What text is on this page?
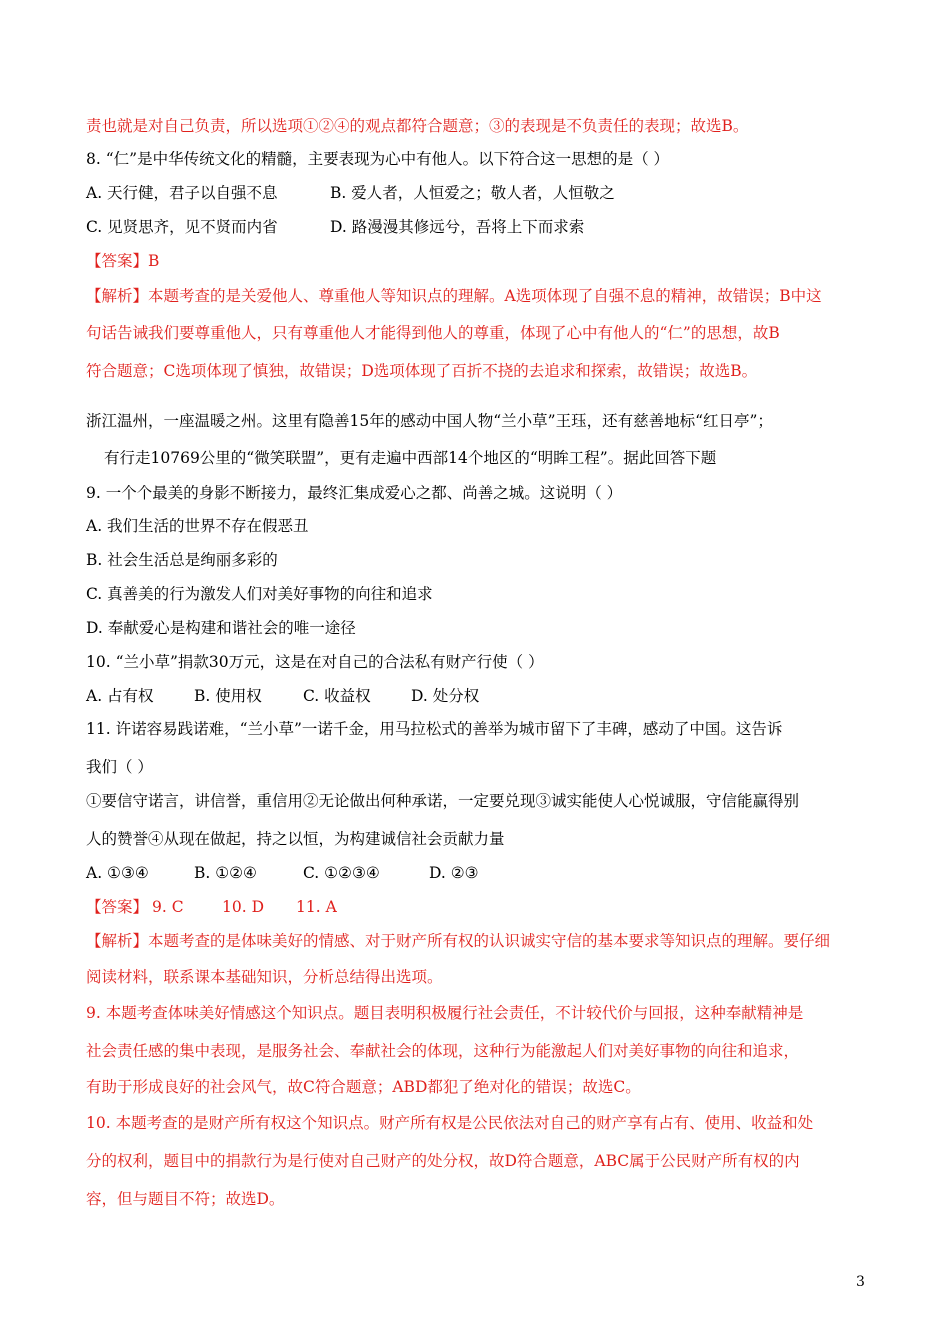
责也就是对自己负责，所以选项①②④的观点都符合题意；③的表现是不负责任的表现；故选B。
8. “仁”是中华传统文化的精髓，主要表现为心中有他人。以下符合这一思想的是（ ）
A. 天行健，君子以自强不息	B. 爱人者，人恒爱之；敬人者，人恒敬之
C. 见贤思齐，见不贤而内省	D. 路漫漫其修远兮，吾将上下而求索
【答案】B
【解析】本题考查的是关爱他人、尊重他人等知识点的理解。A选项体现了自强不息的精神，故错误；B中这
句话告诫我们要尊重他人，只有尊重他人才能得到他人的尊重，体现了心中有他人的“仁”的思想，故B
符合题意；C选项体现了慎独，故错误；D选项体现了百折不挠的去追求和探索，故错误；故选B。
浙江温州，一座温暖之州。这里有隐善15年的感动中国人物“兰小草”王珏，还有慈善地标“红日亭”；
有行走10769公里的“微笑联盟”，更有走遍中西部14个地区的“明眸工程”。据此回答下题
9. 一个个最美的身影不断接力，最终汇集成爱心之都、尚善之城。这说明（ ）
A. 我们生活的世界不存在假恶丑
B. 社会生活总是绚丽多彩的
C. 真善美的行为激发人们对美好事物的向往和追求
D. 奉献爱心是构建和谐社会的唯一途径
10. “兰小草”捐款30万元，这是在对自己的合法私有财产行使（ ）
A. 占有权	B. 使用权	C. 收益权	D. 处分权
11. 许诺容易践诺难，“兰小草”一诺千金，用马拉松式的善举为城市留下了丰碑，感动了中国。这告诉
我们（ ）
①要信守诺言，讲信誉，重信用②无论做出何种承诺，一定要兑现③诚实能使人心悦诚服，守信能赢得别
人的赞誉④从现在做起，持之以恒，为构建诚信社会贡献力量
A. ①③④	B. ①②④	C. ①②③④	D. ②③
【答案】 9. C 10. D 11. A
【解析】本题考查的是体味美好的情感、对于财产所有权的认识诚实守信的基本要求等知识点的理解。要仔细
阅读材料，联系课本基础知识，分析总结得出选项。
9. 本题考查体味美好情感这个知识点。题目表明积极履行社会责任，不计较代价与回报，这种奉献精神是
社会责任感的集中表现，是服务社会、奉献社会的体现，这种行为能激起人们对美好事物的向往和追求，
有助于形成良好的社会风气，故C符合题意；ABD都犯了绝对化的错误；故选C。
10. 本题考查的是财产所有权这个知识点。财产所有权是公民依法对自己的财产享有占有、使用、收益和处
分的权利，题目中的捐款行为是行使对自己财产的处分权，故D符合题意，ABC属于公民财产所有权的内
容，但与题目不符；故选D。
3
